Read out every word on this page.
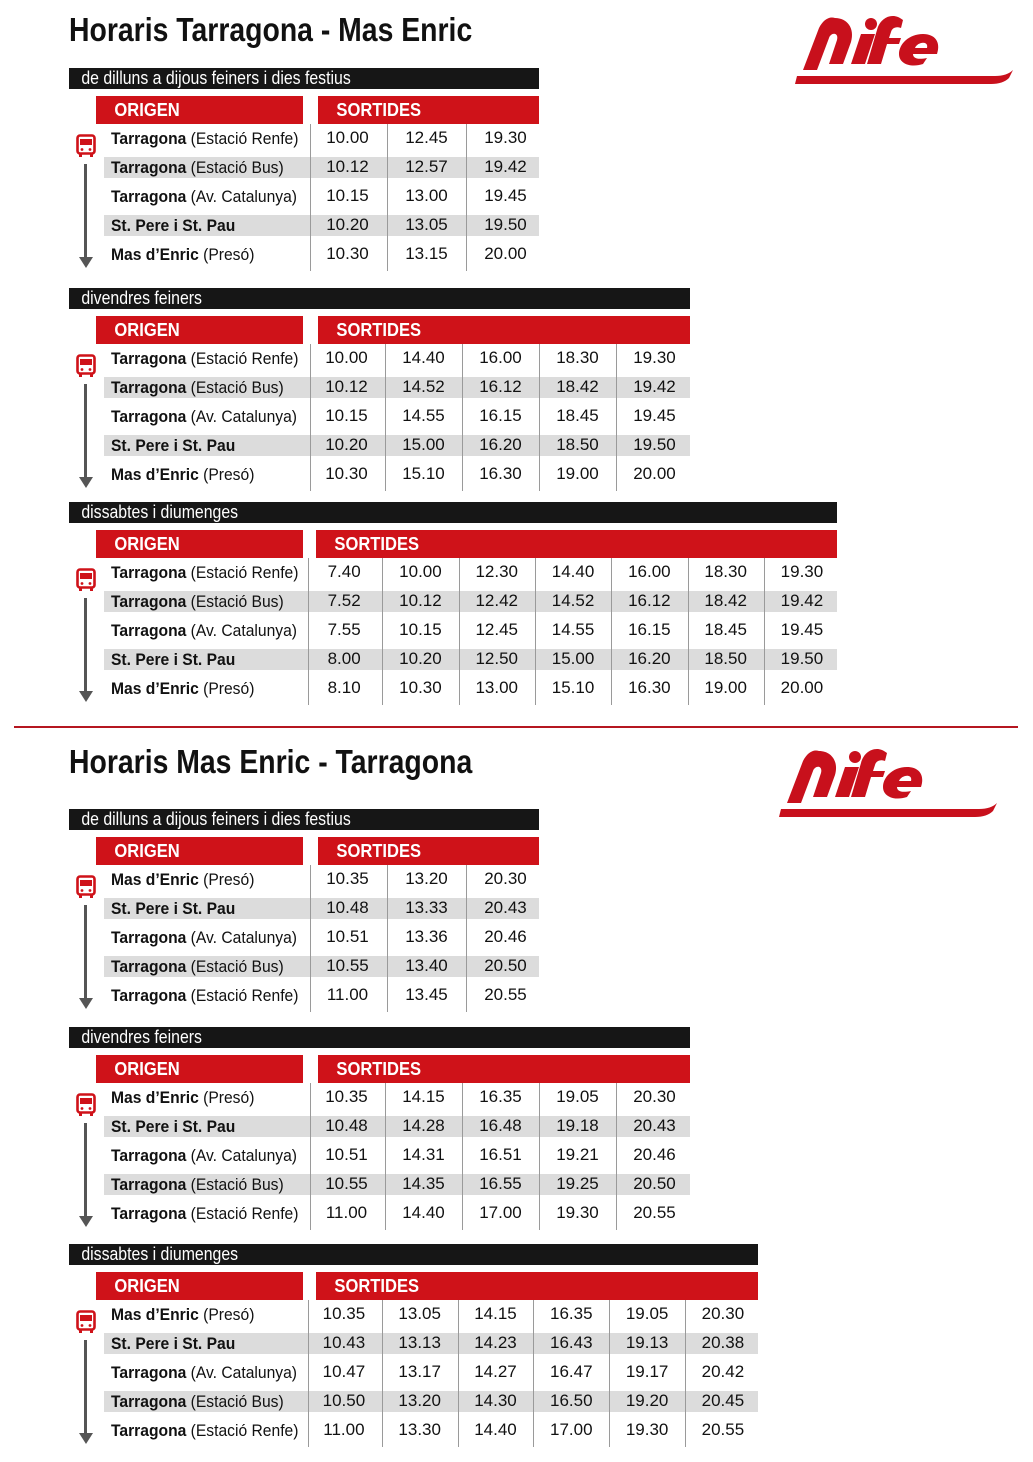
Horaris Tarragona - Mas Enric
Horaris Mas Enric - Tarragona
de dilluns a dijous feiners i dies festius
ORIGEN	SORTIDES
Tarragona (Estació Renfe)	10.00	12.45	19.30
Tarragona (Estació Bus)	10.12	12.57	19.42
Tarragona (Av. Catalunya)	10.15	13.00	19.45
St. Pere i St. Pau	10.20	13.05	19.50
Mas d’Enric (Presó)	10.30	13.15	20.00
divendres feiners
ORIGEN	SORTIDES
Tarragona (Estació Renfe)	10.00	14.40	16.00	18.30	19.30
Tarragona (Estació Bus)	10.12	14.52	16.12	18.42	19.42
Tarragona (Av. Catalunya)	10.15	14.55	16.15	18.45	19.45
St. Pere i St. Pau	10.20	15.00	16.20	18.50	19.50
Mas d’Enric (Presó)	10.30	15.10	16.30	19.00	20.00
dissabtes i diumenges
ORIGEN	SORTIDES
Tarragona (Estació Renfe)	7.40	10.00	12.30	14.40	16.00	18.30	19.30
Tarragona (Estació Bus)	7.52	10.12	12.42	14.52	16.12	18.42	19.42
Tarragona (Av. Catalunya)	7.55	10.15	12.45	14.55	16.15	18.45	19.45
St. Pere i St. Pau	8.00	10.20	12.50	15.00	16.20	18.50	19.50
Mas d’Enric (Presó)	8.10	10.30	13.00	15.10	16.30	19.00	20.00
de dilluns a dijous feiners i dies festius
ORIGEN	SORTIDES
Mas d’Enric (Presó)	10.35	13.20	20.30
St. Pere i St. Pau	10.48	13.33	20.43
Tarragona (Av. Catalunya)	10.51	13.36	20.46
Tarragona (Estació Bus)	10.55	13.40	20.50
Tarragona (Estació Renfe)	11.00	13.45	20.55
divendres feiners
ORIGEN	SORTIDES
Mas d’Enric (Presó)	10.35	14.15	16.35	19.05	20.30
St. Pere i St. Pau	10.48	14.28	16.48	19.18	20.43
Tarragona (Av. Catalunya)	10.51	14.31	16.51	19.21	20.46
Tarragona (Estació Bus)	10.55	14.35	16.55	19.25	20.50
Tarragona (Estació Renfe)	11.00	14.40	17.00	19.30	20.55
dissabtes i diumenges
ORIGEN	SORTIDES
Mas d’Enric (Presó)	10.35	13.05	14.15	16.35	19.05	20.30
St. Pere i St. Pau	10.43	13.13	14.23	16.43	19.13	20.38
Tarragona (Av. Catalunya)	10.47	13.17	14.27	16.47	19.17	20.42
Tarragona (Estació Bus)	10.50	13.20	14.30	16.50	19.20	20.45
Tarragona (Estació Renfe)	11.00	13.30	14.40	17.00	19.30	20.55
